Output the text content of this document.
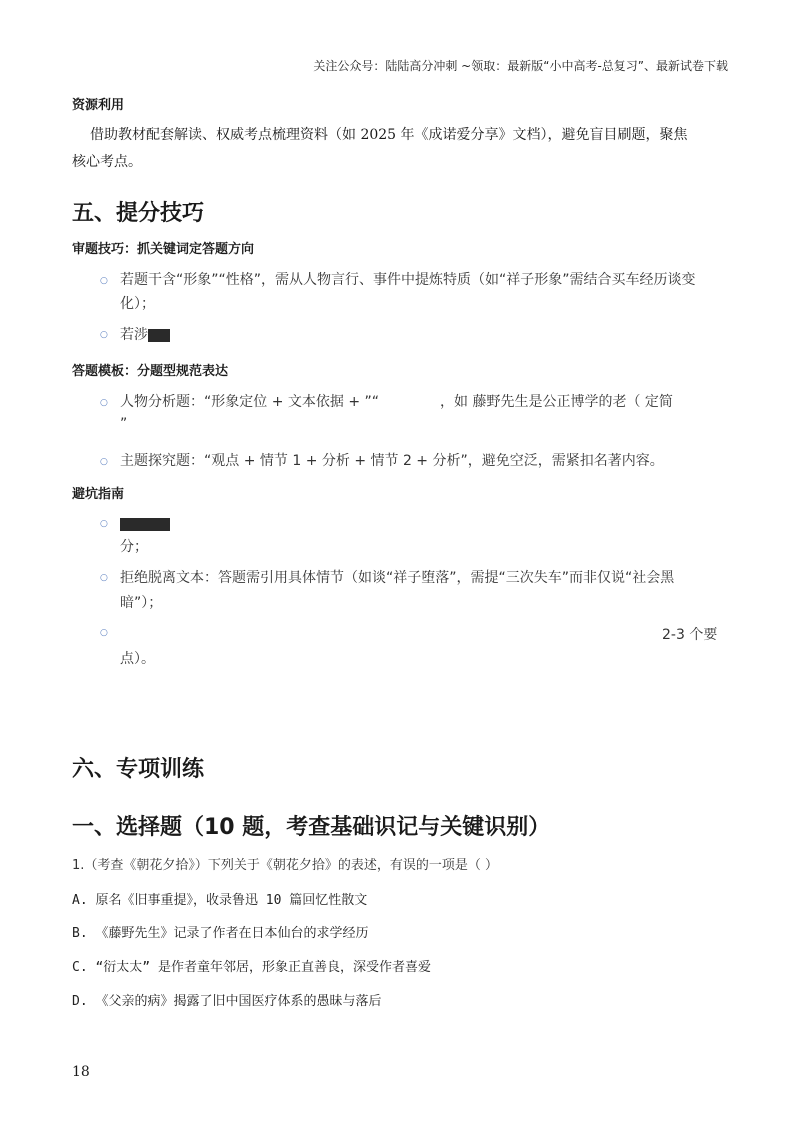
关注公众号：陆陆高分冲刺 ~领取：最新版“小中高考-总复习”、最新试卷下载
资源利用
借助教材配套解读、权威考点梳理资料（如 2025 年《成诺爱分享》文档），避免盲目刷题，聚焦
核心考点。
五、提分技巧
审题技巧：抓关键词定答题方向
○ 若题干含“形象”“性格”，需从人物言行、事件中提炼特质（如“祥子形象”需结合买车经历谈变
化）；
○ 若涉
答题模板：分题型规范表达
○ 人物分析题：“形象定位 + 文本依据 + ”“	，如 藤野先生是公正博学的老（ 定简
”
○ 主题探究题：“观点 + 情节 1 + 分析 + 情节 2 + 分析”，避免空泛，需紧扣名著内容。
避坑指南
○
分；
○ 拒绝脱离文本：答题需引用具体情节（如谈“祥子堕落”，需提“三次失车”而非仅说“社会黑
暗”）；
○	2-3 个要
点）。
六、专项训练
一、选择题（10 题，考查基础识记与关键识别）
1.（考查《朝花夕拾》）下列关于《朝花夕拾》的表述，有误的一项是（ ）
A. 原名《旧事重提》，收录鲁迅 10 篇回忆性散文
B. 《藤野先生》记录了作者在日本仙台的求学经历
C. “衍太太” 是作者童年邻居，形象正直善良，深受作者喜爱
D. 《父亲的病》揭露了旧中国医疗体系的愚昧与落后
18
